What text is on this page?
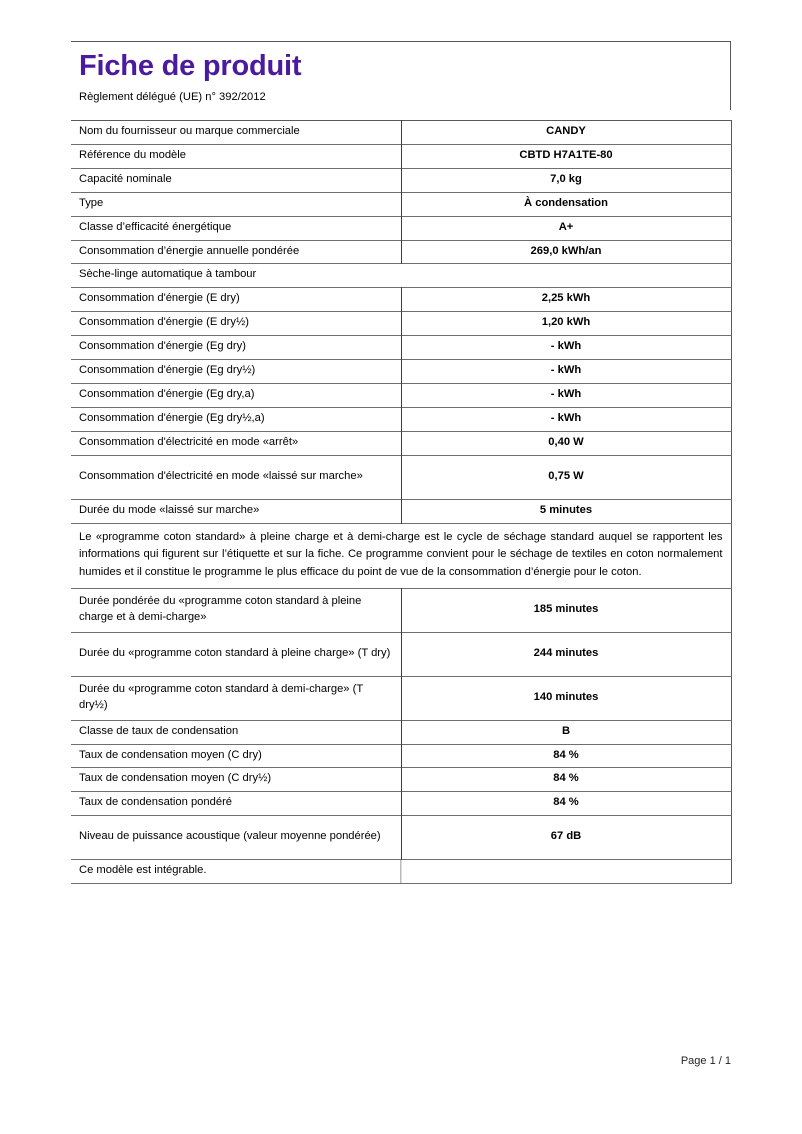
Fiche de produit

Règlement délégué (UE) n° 392/2012

Nom du fournisseur ou marque commerciale	CANDY
Référence du modèle	CBTD H7A1TE-80
Capacité nominale	7,0 kg
Type	À condensation
Classe d’efficacité énergétique	A+
Consommation d’énergie annuelle pondérée	269,0 kWh/an
Sèche-linge automatique à tambour	
Consommation d'énergie (E dry)	2,25 kWh
Consommation d'énergie (E dry½)	1,20 kWh
Consommation d'énergie (Eg dry)	- kWh
Consommation d'énergie (Eg dry½)	- kWh
Consommation d'énergie (Eg dry,a)	- kWh
Consommation d'énergie (Eg dry½,a)	- kWh
Consommation d'électricité en mode «arrêt»	0,40 W
Consommation d'électricité en mode «laissé sur marche»	0,75 W
Durée du mode «laissé sur marche»	5 minutes

Le «programme coton standard» à pleine charge et à demi-charge est le cycle de séchage standard auquel se rapportent les informations qui figurent sur l’étiquette et sur la fiche. Ce programme convient pour le séchage de textiles en coton normalement humides et il constitue le programme le plus efficace du point de vue de la consommation d’énergie pour le coton.	

Durée pondérée du «programme coton standard à pleine charge et à demi-charge»	185 minutes
Durée du «programme coton standard à pleine charge» (T dry)	244 minutes
Durée du «programme coton standard à demi-charge» (T dry½)	140 minutes
Classe de taux de condensation	B
Taux de condensation moyen (C dry)	84 %
Taux de condensation moyen (C dry½)	84 %
Taux de condensation pondéré	84 %
Niveau de puissance acoustique (valeur moyenne pondérée)	67 dB
Ce modèle est intégrable.	
Page 1 / 1
